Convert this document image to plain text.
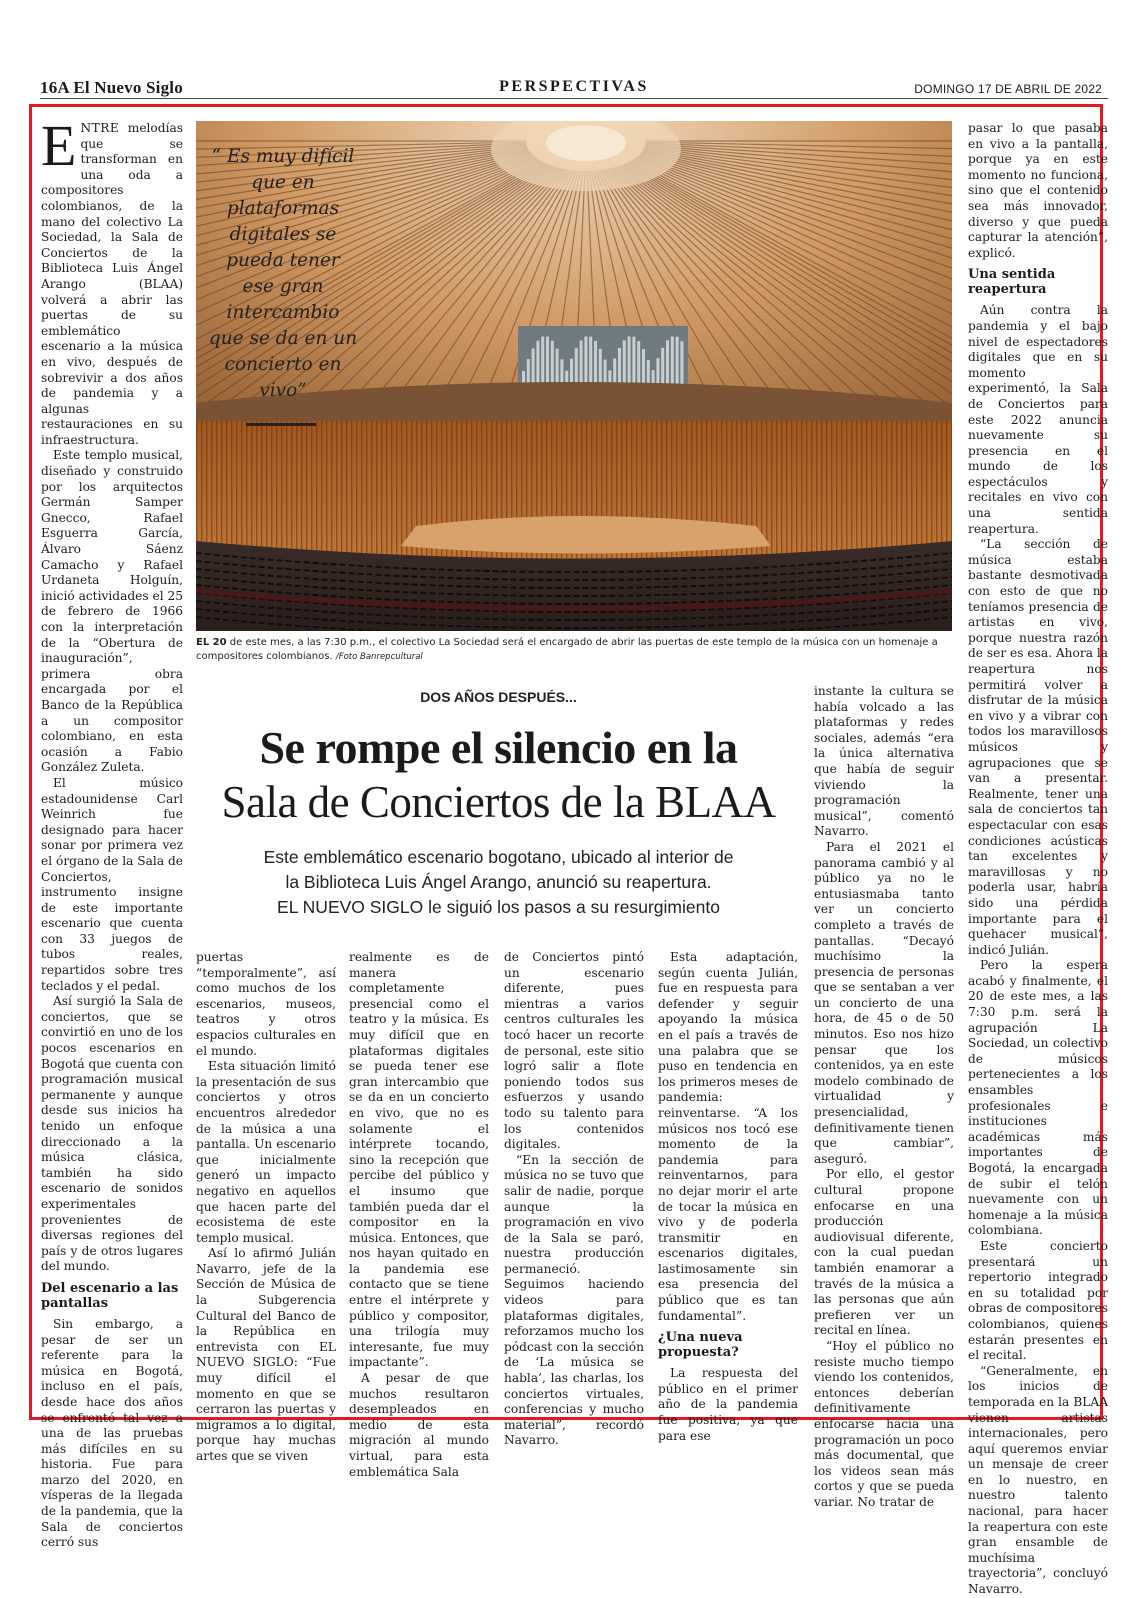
16A El Nuevo Siglo	PERSPECTIVAS	DOMINGO 17 DE ABRIL DE 2022
“ Es muy difícil que en plataformas digitales se pueda tener ese gran intercambio que se da en un concierto en vivo”
EL 20 de este mes, a las 7:30 p.m., el colectivo La Sociedad será el encargado de abrir las puertas de este templo de la música con un homenaje a compositores colombianos. /Foto Banrepcultural
DOS AÑOS DESPUÉS...
Se rompe el silencio en la
Sala de Conciertos de la BLAA
Este emblemático escenario bogotano, ubicado al interior de
la Biblioteca Luis Ángel Arango, anunció su reapertura.
EL NUEVO SIGLO le siguió los pasos a su resurgimiento

ENTRE melodías que se transforman en una oda a compositores colombianos, de la mano del colectivo La Sociedad, la Sala de Conciertos de la Biblioteca Luis Ángel Arango (BLAA) volverá a abrir las puertas de su emblemático escenario a la música en vivo, después de sobrevivir a dos años de pandemia y a algunas restauraciones en su infraestructura.

Este templo musical, diseñado y construido por los arquitectos Germán Samper Gnecco, Rafael Esguerra García, Álvaro Sáenz Camacho y Rafael Urdaneta Holguín, inició actividades el 25 de febrero de 1966 con la interpretación de la “Obertura de inauguración”, primera obra encargada por el Banco de la República a un compositor colombiano, en esta ocasión a Fabio González Zuleta.

El músico estadounidense Carl Weinrich fue designado para hacer sonar por primera vez el órgano de la Sala de Conciertos, instrumento insigne de este importante escenario que cuenta con 33 juegos de tubos reales, repartidos sobre tres teclados y el pedal.

Así surgió la Sala de conciertos, que se convirtió en uno de los pocos escenarios en Bogotá que cuenta con programación musical permanente y aunque desde sus inicios ha tenido un enfoque direccionado a la música clásica, también ha sido escenario de sonidos experimentales provenientes de diversas regiones del país y de otros lugares del mundo.

Del escenario a las pantallas

Sin embargo, a pesar de ser un referente para la música en Bogotá, incluso en el país, desde hace dos años se enfrentó tal vez a una de las pruebas más difíciles en su historia. Fue para marzo del 2020, en vísperas de la llegada de la pandemia, que la Sala de conciertos cerró sus

puertas “temporalmente”, así como muchos de los escenarios, museos, teatros y otros espacios culturales en el mundo.

Esta situación limitó la presentación de sus conciertos y otros encuentros alrededor de la música a una pantalla. Un escenario que inicialmente generó un impacto negativo en aquellos que hacen parte del ecosistema de este templo musical.

Así lo afirmó Julián Navarro, jefe de la Sección de Música de la Subgerencia Cultural del Banco de la República en entrevista con EL NUEVO SIGLO: “Fue muy difícil el momento en que se cerraron las puertas y migramos a lo digital, porque hay muchas artes que se viven

realmente es de manera completamente presencial como el teatro y la música. Es muy difícil que en plataformas digitales se pueda tener ese gran intercambio que se da en un concierto en vivo, que no es solamente el intérprete tocando, sino la recepción que percibe del público y el insumo que también pueda dar el compositor en la música. Entonces, que nos hayan quitado en la pandemia ese contacto que se tiene entre el intérprete y público y compositor, una trilogía muy interesante, fue muy impactante”.

A pesar de que muchos resultaron desempleados en medio de esta migración al mundo virtual, para esta emblemática Sala

de Conciertos pintó un escenario diferente, pues mientras a varios centros culturales les tocó hacer un recorte de personal, este sitio logró salir a flote poniendo todos sus esfuerzos y usando todo su talento para los contenidos digitales.

“En la sección de música no se tuvo que salir de nadie, porque aunque la programación en vivo de la Sala se paró, nuestra producción permaneció. Seguimos haciendo videos para plataformas digitales, reforzamos mucho los pódcast con la sección de ‘La música se habla’, las charlas, los conciertos virtuales, conferencias y mucho material”, recordó Navarro.

Esta adaptación, según cuenta Julián, fue en respuesta para defender y seguir apoyando la música en el país a través de una palabra que se puso en tendencia en los primeros meses de pandemia: reinventarse. “A los músicos nos tocó ese momento de la pandemia para reinventarnos, para no dejar morir el arte de tocar la música en vivo y de poderla transmitir en escenarios digitales, lastimosamente sin esa presencia del público que es tan fundamental”.

¿Una nueva propuesta?

La respuesta del público en el primer año de la pandemia fue positiva, ya que para ese

instante la cultura se había volcado a las plataformas y redes sociales, además “era la única alternativa que había de seguir viviendo la programación musical”, comentó Navarro.

Para el 2021 el panorama cambió y al público ya no le entusiasmaba tanto ver un concierto completo a través de pantallas. “Decayó muchísimo la presencia de personas que se sentaban a ver un concierto de una hora, de 45 o de 50 minutos. Eso nos hizo pensar que los contenidos, ya en este modelo combinado de virtualidad y presencialidad, definitivamente tienen que cambiar”, aseguró.

Por ello, el gestor cultural propone enfocarse en una producción audiovisual diferente, con la cual puedan también enamorar a través de la música a las personas que aún prefieren ver un recital en línea.

“Hoy el público no resiste mucho tiempo viendo los contenidos, entonces deberían definitivamente enfocarse hacia una programación un poco más documental, que los videos sean más cortos y que se pueda variar. No tratar de

pasar lo que pasaba en vivo a la pantalla, porque ya en este momento no funciona, sino que el contenido sea más innovador, diverso y que pueda capturar la atención”, explicó.

Una sentida reapertura

Aún contra la pandemia y el bajo nivel de espectadores digitales que en su momento experimentó, la Sala de Conciertos para este 2022 anuncia nuevamente su presencia en el mundo de los espectáculos y recitales en vivo con una sentida reapertura.

“La sección de música estaba bastante desmotivada con esto de que no teníamos presencia de artistas en vivo, porque nuestra razón de ser es esa. Ahora la reapertura nos permitirá volver a disfrutar de la música en vivo y a vibrar con todos los maravillosos músicos y agrupaciones que se van a presentar. Realmente, tener una sala de conciertos tan espectacular con esas condiciones acústicas tan excelentes y maravillosas y no poderla usar, habría sido una pérdida importante para el quehacer musical”, indicó Julián.

Pero la espera acabó y finalmente, el 20 de este mes, a las 7:30 p.m. será la agrupación La Sociedad, un colectivo de músicos pertenecientes a los ensambles profesionales e instituciones académicas más importantes de Bogotá, la encargada de subir el telón nuevamente con un homenaje a la música colombiana.

Este concierto presentará un repertorio integrado en su totalidad por obras de compositores colombianos, quienes estarán presentes en el recital.

“Generalmente, en los inicios de temporada en la BLAA vienen artistas internacionales, pero aquí queremos enviar un mensaje de creer en lo nuestro, en nuestro talento nacional, para hacer la reapertura con este gran ensamble de muchísima trayectoria”, concluyó Navarro.
